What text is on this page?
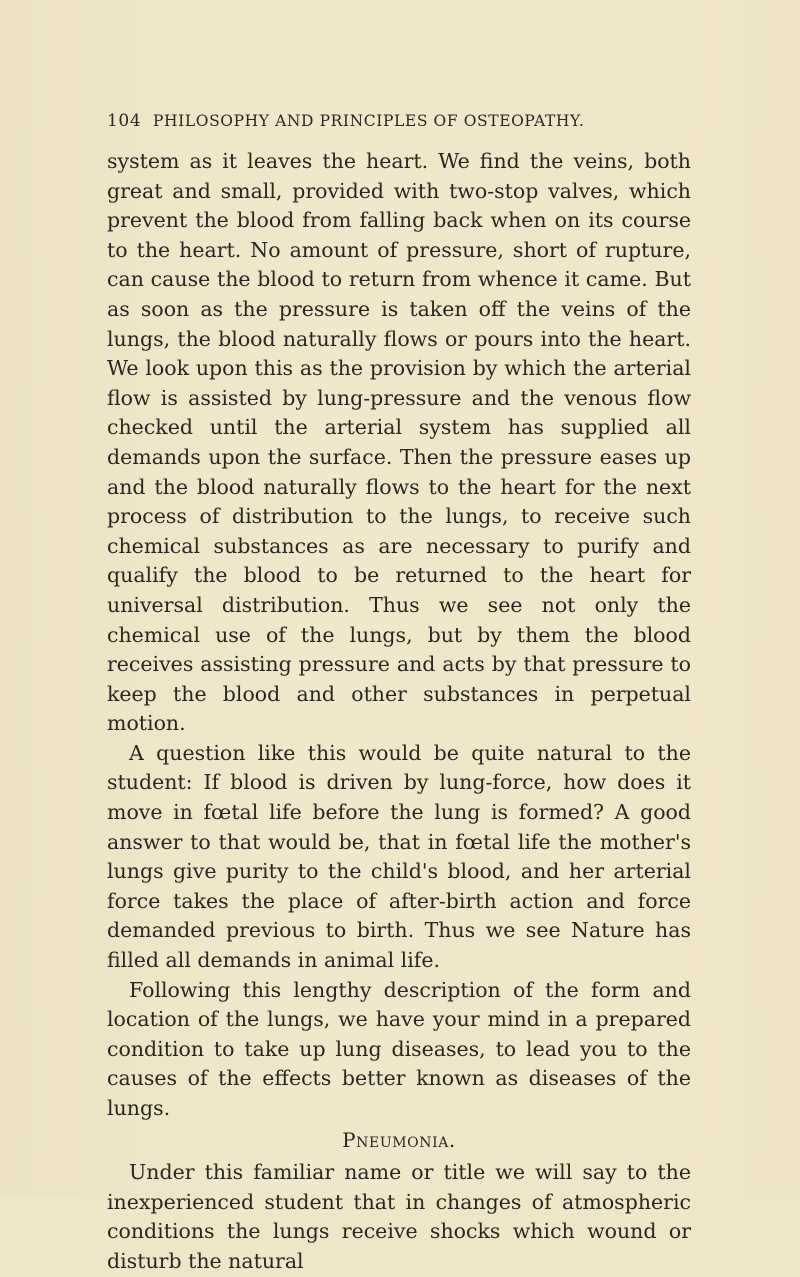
104 PHILOSOPHY AND PRINCIPLES OF OSTEOPATHY.

system as it leaves the heart. We find the veins, both great and small, provided with two-stop valves, which prevent the blood from falling back when on its course to the heart. No amount of pressure, short of rupture, can cause the blood to return from whence it came. But as soon as the pressure is taken off the veins of the lungs, the blood naturally flows or pours into the heart. We look upon this as the provision by which the arterial flow is assisted by lung-pressure and the venous flow checked until the arterial system has supplied all demands upon the surface. Then the pressure eases up and the blood naturally flows to the heart for the next process of distribution to the lungs, to receive such chemical substances as are necessary to purify and qualify the blood to be returned to the heart for universal distribution. Thus we see not only the chemical use of the lungs, but by them the blood receives assisting pressure and acts by that pressure to keep the blood and other substances in perpetual motion.

A question like this would be quite natural to the student: If blood is driven by lung-force, how does it move in fœtal life before the lung is formed? A good answer to that would be, that in fœtal life the mother's lungs give purity to the child's blood, and her arterial force takes the place of after-birth action and force demanded previous to birth. Thus we see Nature has filled all demands in animal life.

Following this lengthy description of the form and location of the lungs, we have your mind in a prepared condition to take up lung diseases, to lead you to the causes of the effects better known as diseases of the lungs.

Pneumonia.

Under this familiar name or title we will say to the inexperienced student that in changes of atmospheric conditions the lungs receive shocks which wound or disturb the natural
